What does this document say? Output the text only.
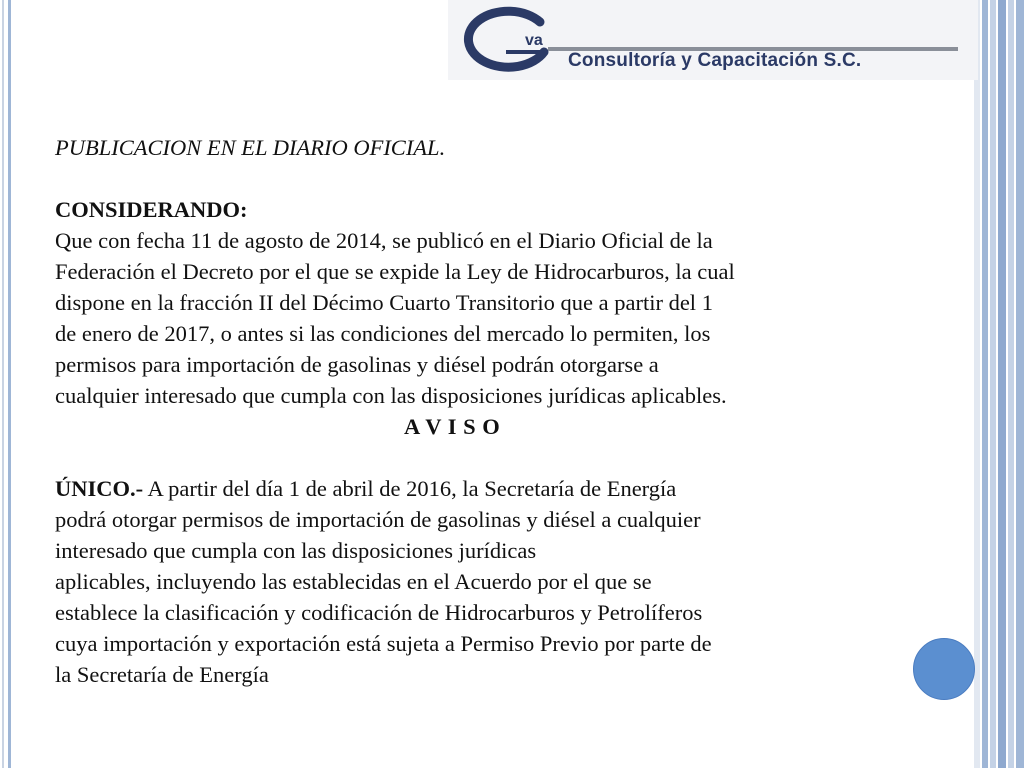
va
Consultoría y Capacitación S.C.

PUBLICACION EN EL DIARIO OFICIAL.

CONSIDERANDO:

Que con fecha 11 de agosto de 2014, se publicó en el Diario Oficial de la

Federación el Decreto por el que se expide la Ley de Hidrocarburos, la cual

dispone en la fracción II del Décimo Cuarto Transitorio que a partir del 1

de enero de 2017, o antes si las condiciones del mercado lo permiten, los

permisos para importación de gasolinas y diésel podrán otorgarse a

cualquier interesado que cumpla con las disposiciones jurídicas aplicables.

A V I S O

ÚNICO.- A partir del día 1 de abril de 2016, la Secretaría de Energía

podrá otorgar permisos de importación de gasolinas y diésel a cualquier

interesado que cumpla con las disposiciones jurídicas

aplicables, incluyendo las establecidas en el Acuerdo por el que se

establece la clasificación y codificación de Hidrocarburos y Petrolíferos

cuya importación y exportación está sujeta a Permiso Previo por parte de

la Secretaría de Energía
